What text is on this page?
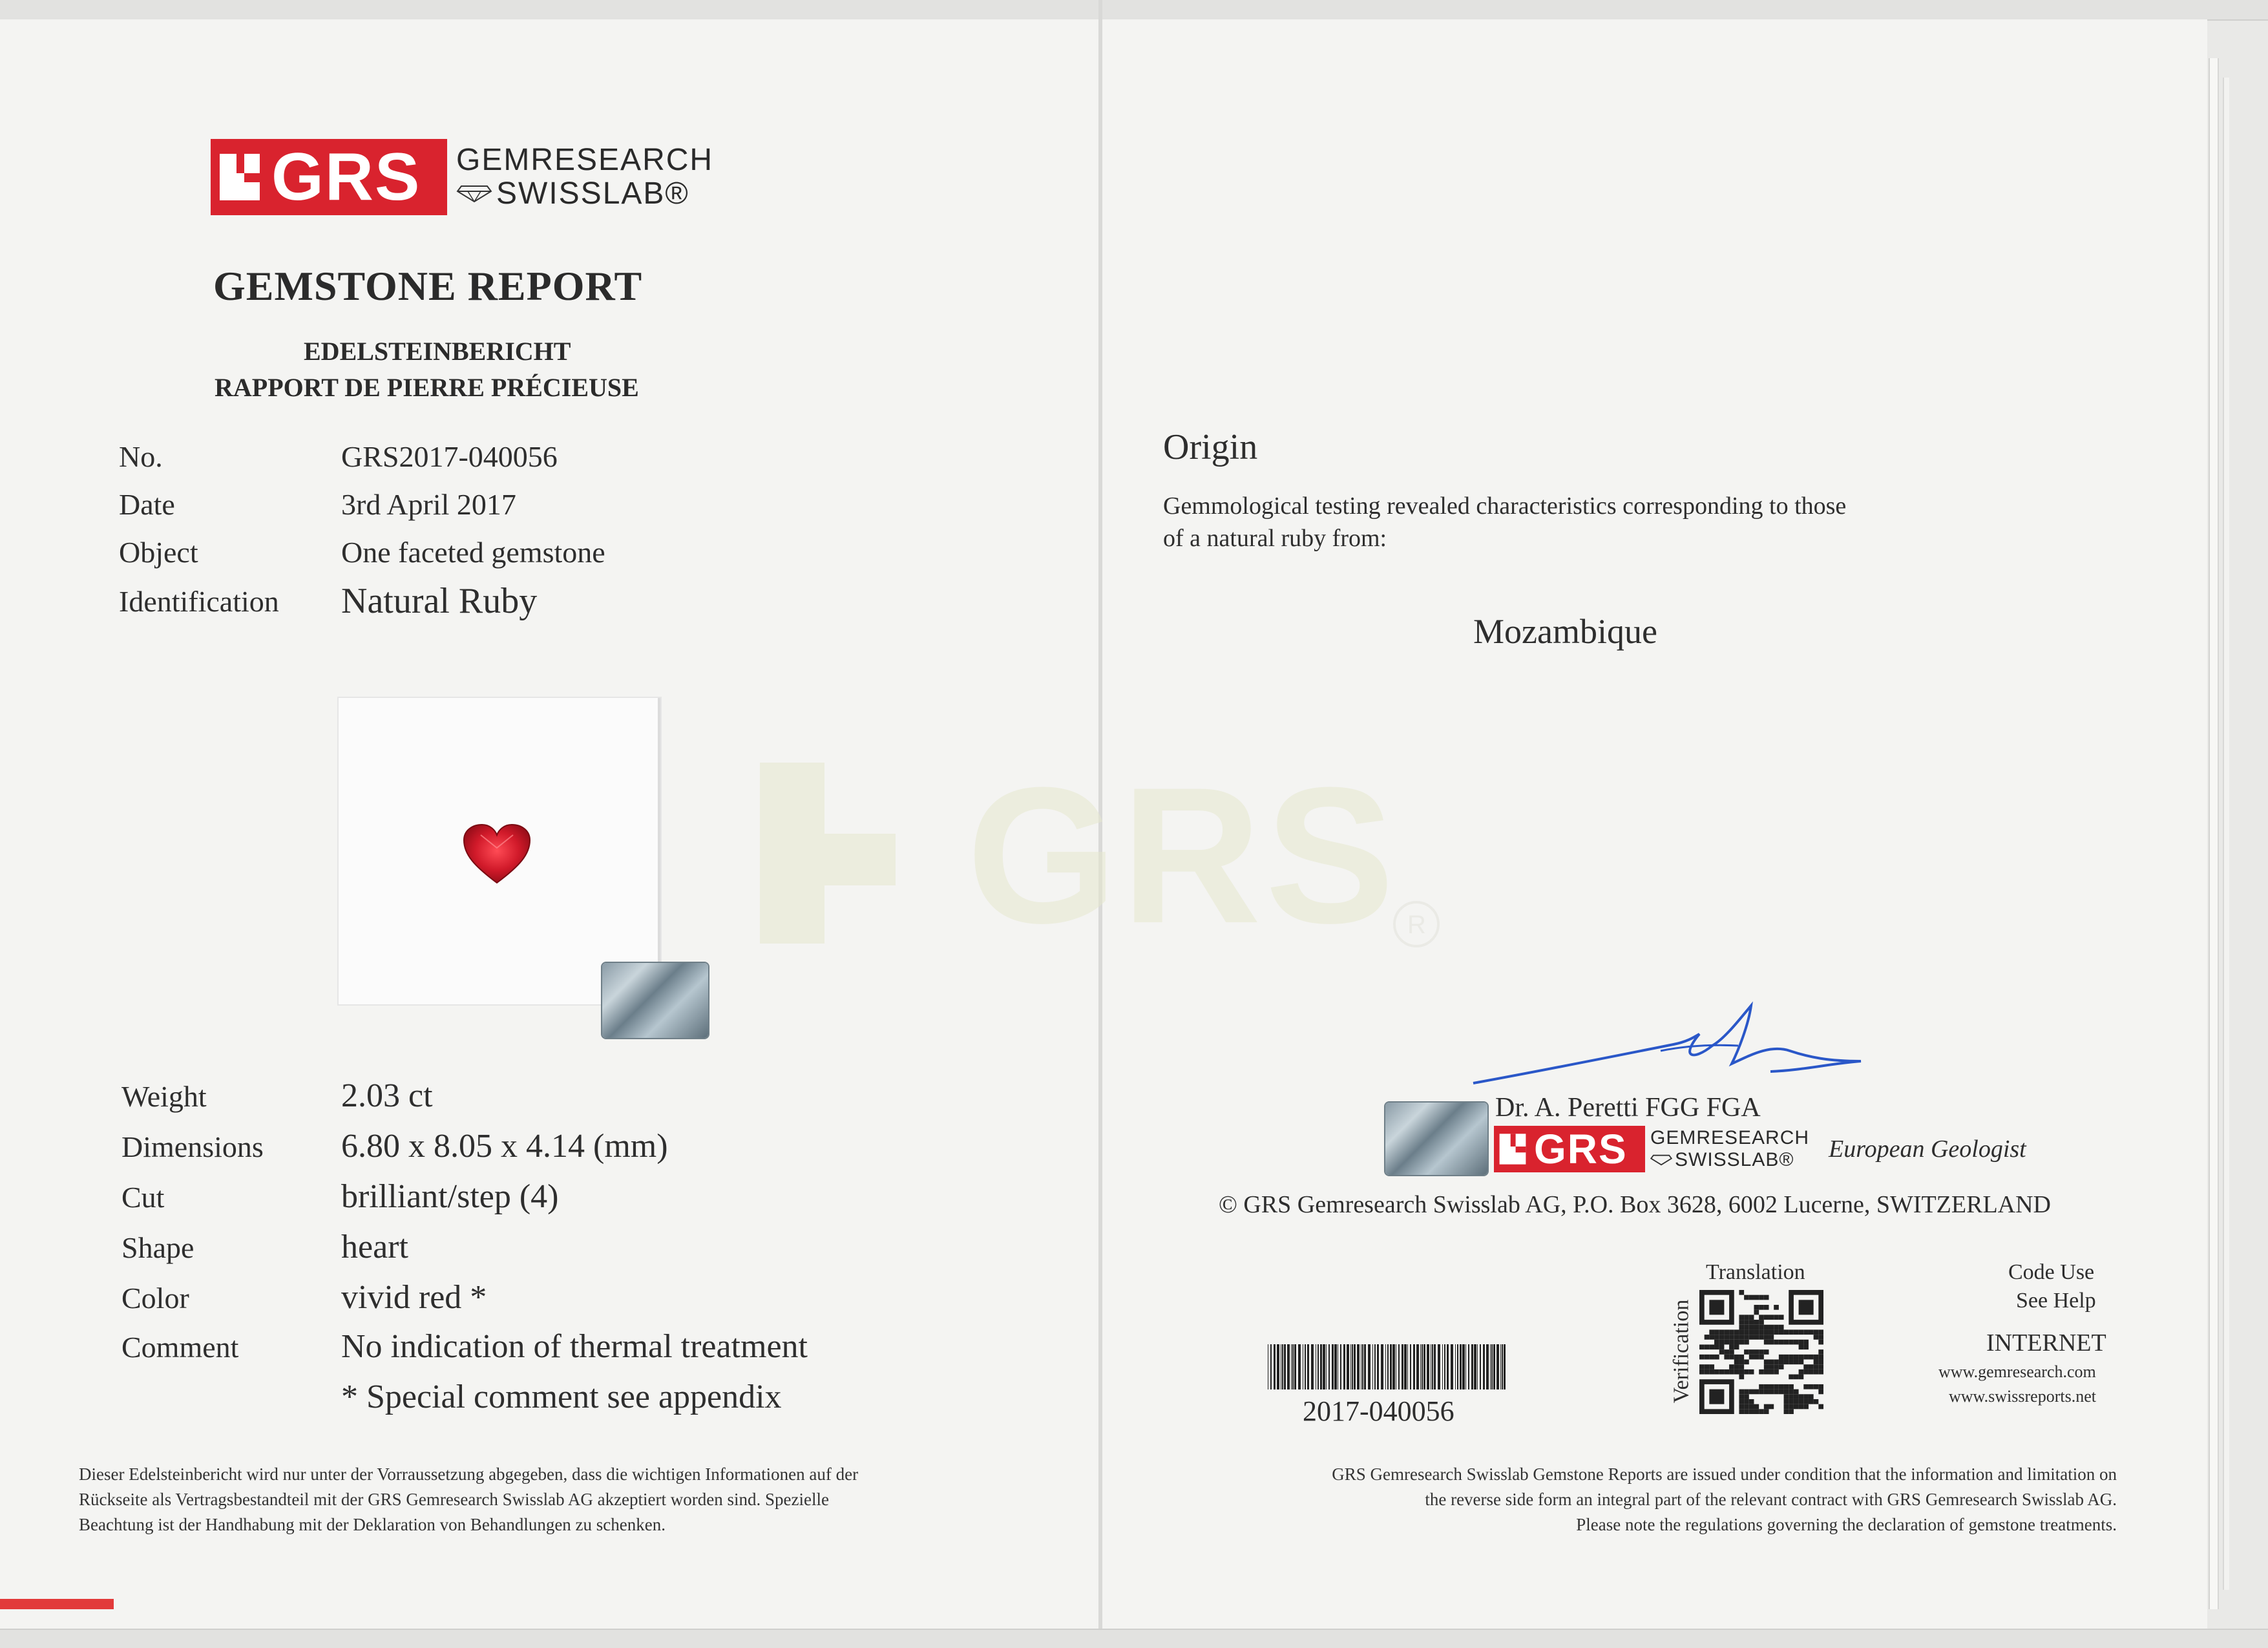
GRS GEMRESEARCH
SWISSLAB®
GEMSTONE REPORT
EDELSTEINBERICHT
RAPPORT DE PIERRE PRÉCIEUSE
No.	GRS2017-040056
Date	3rd April 2017
Object	One faceted gemstone
Identification Natural Ruby
Weight	2.03 ct
Dimensions 6.80 x 8.05 x 4.14 (mm)
Cut	brilliant/step (4)
Shape	heart
Color	vivid red *
Comment	No indication of thermal treatment
* Special comment see appendix
Dieser Edelsteinbericht wird nur unter der Vorraussetzung abgegeben, dass die wichtigen Informationen auf der
Rückseite als Vertragsbestandteil mit der GRS Gemresearch Swisslab AG akzeptiert worden sind. Spezielle
Beachtung ist der Handhabung mit der Deklaration von Behandlungen zu schenken.
GRS R
Origin
Gemmological testing revealed characteristics corresponding to those
of a natural ruby from:
Mozambique
Dr. A. Peretti FGG FGA
GRS GEMRESEARCH
SWISSLAB® European Geologist
© GRS Gemresearch Swisslab AG, P.O. Box 3628, 6002 Lucerne, SWITZERLAND
2017-040056
Translation
Verification
Code Use
See Help
INTERNET
www.gemresearch.com
www.swissreports.net
GRS Gemresearch Swisslab Gemstone Reports are issued under condition that the information and limitation on
the reverse side form an integral part of the relevant contract with GRS Gemresearch Swisslab AG.
Please note the regulations governing the declaration of gemstone treatments.
